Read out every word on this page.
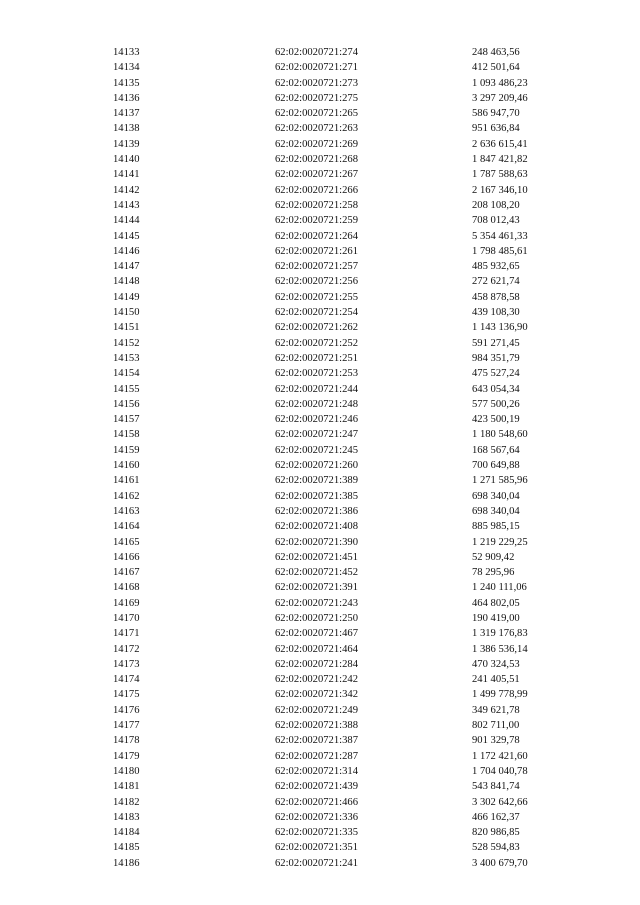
14133	62:02:0020721:274	248 463,56
14134	62:02:0020721:271	412 501,64
14135	62:02:0020721:273	1 093 486,23
14136	62:02:0020721:275	3 297 209,46
14137	62:02:0020721:265	586 947,70
14138	62:02:0020721:263	951 636,84
14139	62:02:0020721:269	2 636 615,41
14140	62:02:0020721:268	1 847 421,82
14141	62:02:0020721:267	1 787 588,63
14142	62:02:0020721:266	2 167 346,10
14143	62:02:0020721:258	208 108,20
14144	62:02:0020721:259	708 012,43
14145	62:02:0020721:264	5 354 461,33
14146	62:02:0020721:261	1 798 485,61
14147	62:02:0020721:257	485 932,65
14148	62:02:0020721:256	272 621,74
14149	62:02:0020721:255	458 878,58
14150	62:02:0020721:254	439 108,30
14151	62:02:0020721:262	1 143 136,90
14152	62:02:0020721:252	591 271,45
14153	62:02:0020721:251	984 351,79
14154	62:02:0020721:253	475 527,24
14155	62:02:0020721:244	643 054,34
14156	62:02:0020721:248	577 500,26
14157	62:02:0020721:246	423 500,19
14158	62:02:0020721:247	1 180 548,60
14159	62:02:0020721:245	168 567,64
14160	62:02:0020721:260	700 649,88
14161	62:02:0020721:389	1 271 585,96
14162	62:02:0020721:385	698 340,04
14163	62:02:0020721:386	698 340,04
14164	62:02:0020721:408	885 985,15
14165	62:02:0020721:390	1 219 229,25
14166	62:02:0020721:451	52 909,42
14167	62:02:0020721:452	78 295,96
14168	62:02:0020721:391	1 240 111,06
14169	62:02:0020721:243	464 802,05
14170	62:02:0020721:250	190 419,00
14171	62:02:0020721:467	1 319 176,83
14172	62:02:0020721:464	1 386 536,14
14173	62:02:0020721:284	470 324,53
14174	62:02:0020721:242	241 405,51
14175	62:02:0020721:342	1 499 778,99
14176	62:02:0020721:249	349 621,78
14177	62:02:0020721:388	802 711,00
14178	62:02:0020721:387	901 329,78
14179	62:02:0020721:287	1 172 421,60
14180	62:02:0020721:314	1 704 040,78
14181	62:02:0020721:439	543 841,74
14182	62:02:0020721:466	3 302 642,66
14183	62:02:0020721:336	466 162,37
14184	62:02:0020721:335	820 986,85
14185	62:02:0020721:351	528 594,83
14186	62:02:0020721:241	3 400 679,70
